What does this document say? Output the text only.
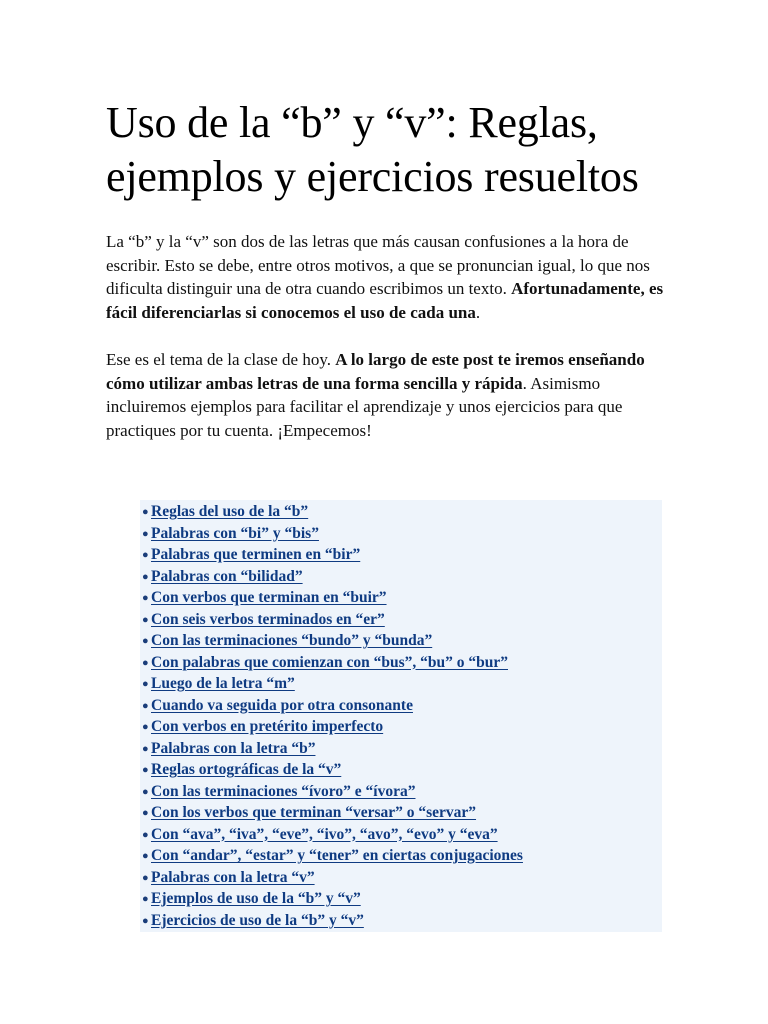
Uso de la “b” y “v”: Reglas, ejemplos y ejercicios resueltos

La “b” y la “v” son dos de las letras que más causan confusiones a la hora de escribir. Esto se debe, entre otros motivos, a que se pronuncian igual, lo que nos dificulta distinguir una de otra cuando escribimos un texto. Afortunadamente, es fácil diferenciarlas si conocemos el uso de cada una.

Ese es el tema de la clase de hoy. A lo largo de este post te iremos enseñando cómo utilizar ambas letras de una forma sencilla y rápida. Asimismo incluiremos ejemplos para facilitar el aprendizaje y unos ejercicios para que practiques por tu cuenta. ¡Empecemos!

● Reglas del uso de la “b”
● Palabras con “bi” y “bis”
● Palabras que terminen en “bir”
● Palabras con “bilidad”
● Con verbos que terminan en “buir”
● Con seis verbos terminados en “er”
● Con las terminaciones “bundo” y “bunda”
● Con palabras que comienzan con “bus”, “bu” o “bur”
● Luego de la letra “m”
● Cuando va seguida por otra consonante
● Con verbos en pretérito imperfecto
● Palabras con la letra “b”
● Reglas ortográficas de la “v”
● Con las terminaciones “ívoro” e “ívora”
● Con los verbos que terminan “versar” o “servar”
● Con “ava”, “iva”, “eve”, “ivo”, “avo”, “evo” y “eva”
● Con “andar”, “estar” y “tener” en ciertas conjugaciones
● Palabras con la letra “v”
● Ejemplos de uso de la “b” y “v”
● Ejercicios de uso de la “b” y “v”
